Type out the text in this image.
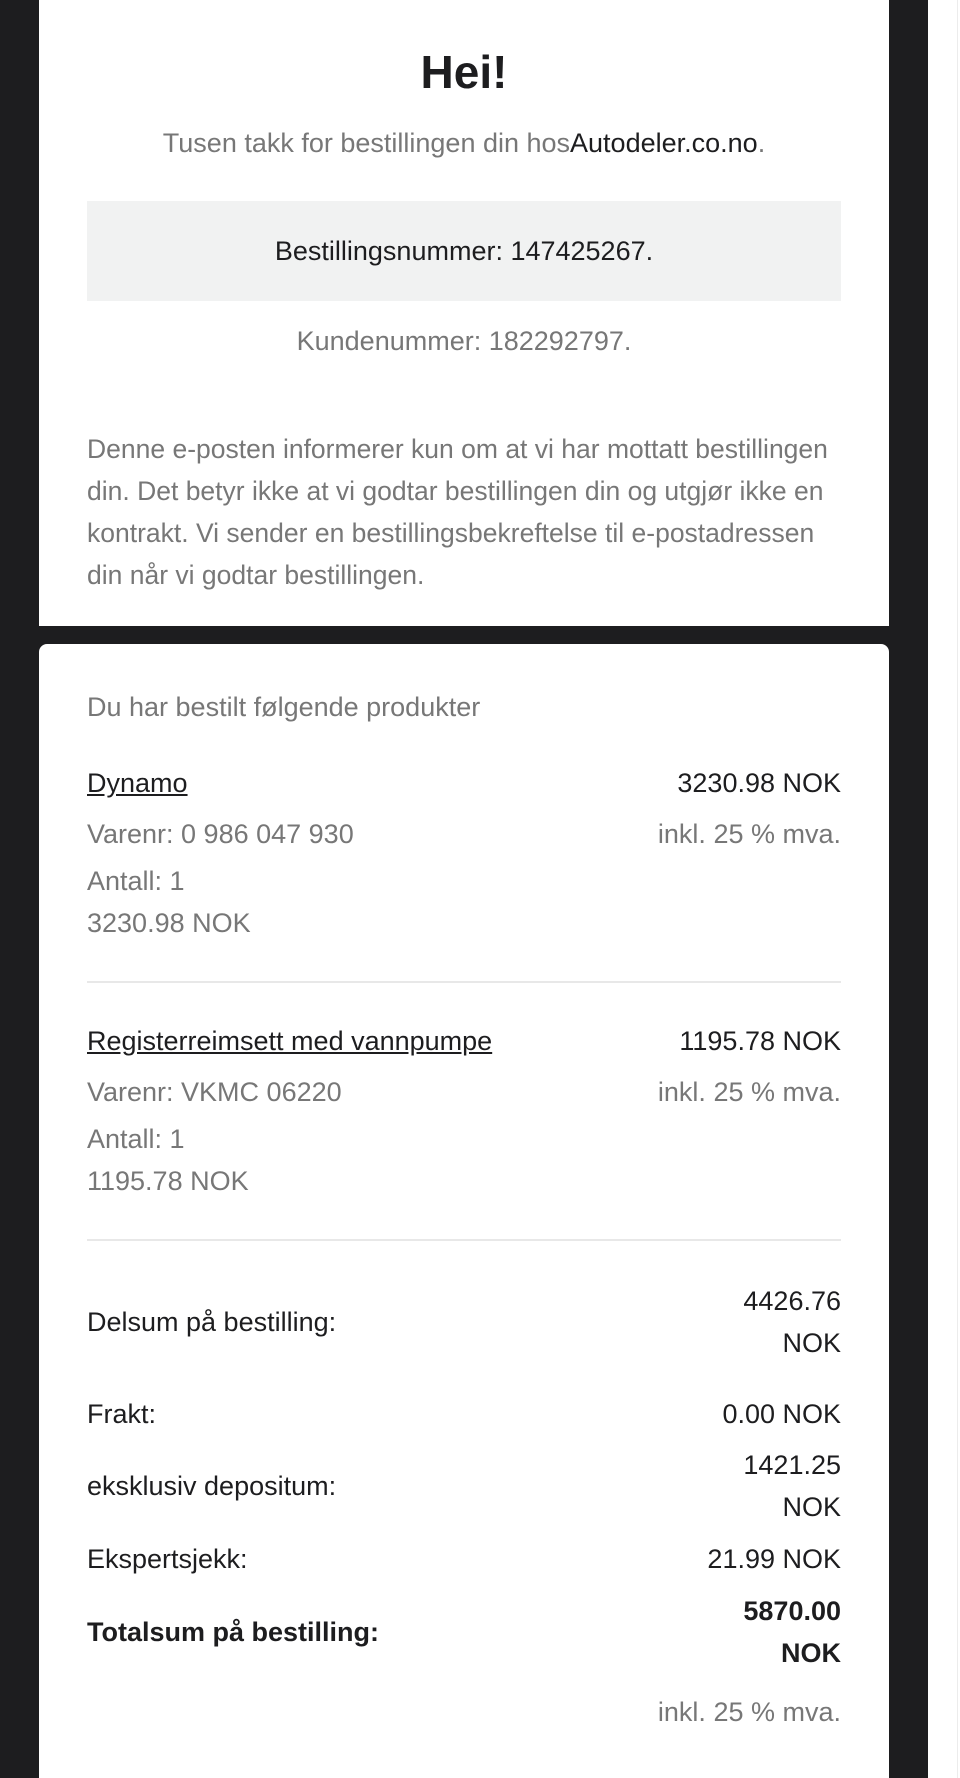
Hei!
Tusen takk for bestillingen din hosAutodeler.co.no.
Bestillingsnummer: 147425267.
Kundenummer: 182292797.
Denne e-posten informerer kun om at vi har mottatt bestillingen din. Det betyr ikke at vi godtar bestillingen din og utgjør ikke en kontrakt. Vi sender en bestillingsbekreftelse til e-postadressen din når vi godtar bestillingen.
Du har bestilt følgende produkter
Dynamo	3230.98 NOK
Varenr: 0 986 047 930	inkl. 25 % mva.
Antall: 1
3230.98 NOK
Registerreimsett med vannpumpe	1195.78 NOK
Varenr: VKMC 06220	inkl. 25 % mva.
Antall: 1
1195.78 NOK
Delsum på bestilling:
4426.76 NOK
Frakt:	0.00 NOK
eksklusiv depositum:
1421.25 NOK
Ekspertsjekk:	21.99 NOK
Totalsum på bestilling:
5870.00 NOK
inkl. 25 % mva.
